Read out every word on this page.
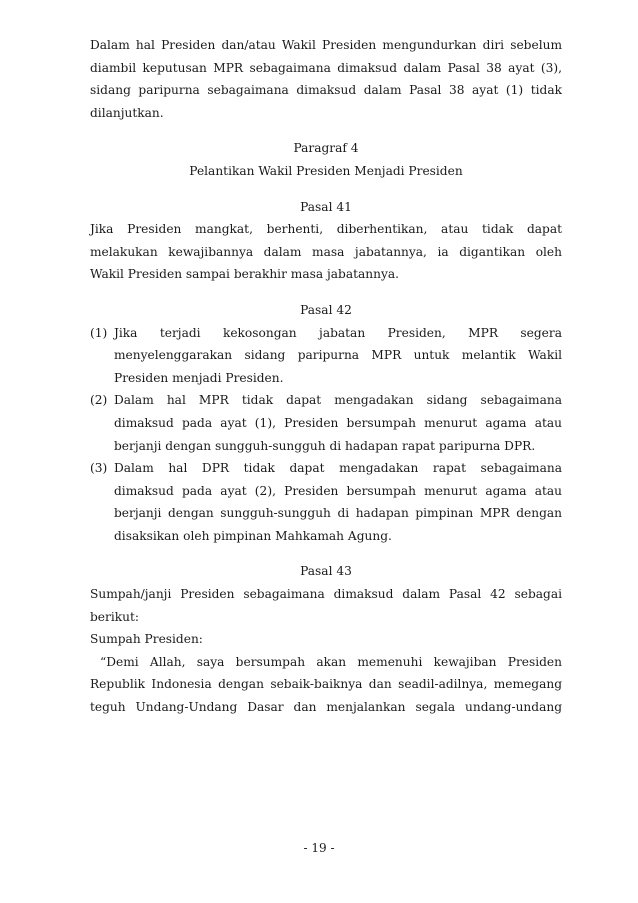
Dalam hal Presiden dan/atau Wakil Presiden mengundurkan diri sebelum

diambil keputusan MPR sebagaimana dimaksud dalam Pasal 38 ayat (3),

sidang paripurna sebagaimana dimaksud dalam Pasal 38 ayat (1) tidak

dilanjutkan.

Paragraf 4

Pelantikan Wakil Presiden Menjadi Presiden

Pasal 41

Jika Presiden mangkat, berhenti, diberhentikan, atau tidak dapat

melakukan kewajibannya dalam masa jabatannya, ia digantikan oleh

Wakil Presiden sampai berakhir masa jabatannya.

Pasal 42

(1) Jika terjadi kekosongan jabatan Presiden, MPR segera

menyelenggarakan sidang paripurna MPR untuk melantik Wakil

Presiden menjadi Presiden.

(2) Dalam hal MPR tidak dapat mengadakan sidang sebagaimana

dimaksud pada ayat (1), Presiden bersumpah menurut agama atau

berjanji dengan sungguh-sungguh di hadapan rapat paripurna DPR.

(3) Dalam hal DPR tidak dapat mengadakan rapat sebagaimana

dimaksud pada ayat (2), Presiden bersumpah menurut agama atau

berjanji dengan sungguh-sungguh di hadapan pimpinan MPR dengan

disaksikan oleh pimpinan Mahkamah Agung.

Pasal 43

Sumpah/janji Presiden sebagaimana dimaksud dalam Pasal 42 sebagai

berikut:

Sumpah Presiden:

“Demi Allah, saya bersumpah akan memenuhi kewajiban Presiden

Republik Indonesia dengan sebaik-baiknya dan seadil-adilnya, memegang

teguh Undang-Undang Dasar dan menjalankan segala undang-undang

- 19 -
